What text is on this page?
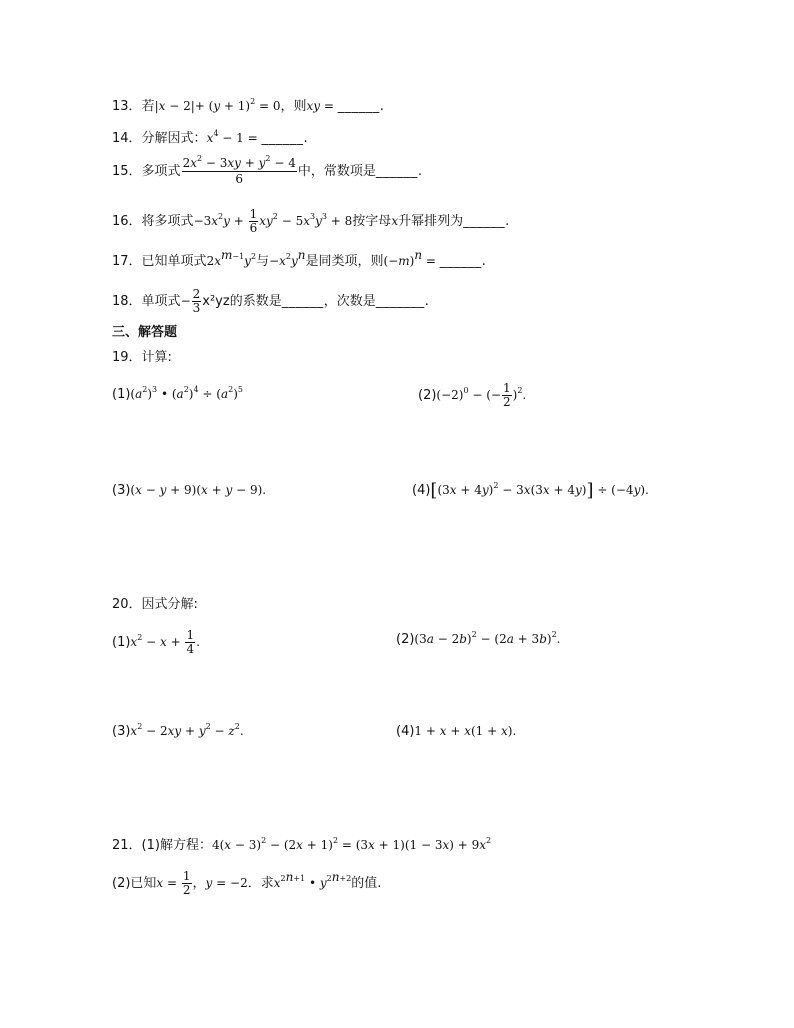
13．若$|x - 2|+ (y + 1)^2 = 0$，则xy = ______.
14．分解因式：$x^4 - 1$ = ______.
15．多项式 $\frac{2x^2 - 3xy + y^2 - 4}{6}$ 中，常数项是______.
16．将多项式$-3x^2y + \frac{1}{6} xy^2 - 5x^3y^3 + 8$按字母x升幂排列为______.
17．已知单项式$2x^{m-1}y^2$与$-x^2y^n$是同类项，则$(-m)^n$ = ______.
18．单项式− $\frac{2}{3} x^2yz$的系数是______，次数是_______.
三、解答题
19．计算:
$(1)(a^2)^3$ • $(a^2)^4 \div (a^2)^5$	$(2)(-2)^0$ − (− $\frac{1}{2} )^2$.
(3)(x − y + 9)(x + y − 9).	$(4)[(3x + 4y)^2 - 3x(3x + 4y)] \div (-4y)$.
20．因式分解:
$(1)x^2 - x + \frac{1}{4}$ .	$(2)(3a - 2b)^2 - (2a + 3b)^2$.
$(3)x^2 - 2xy + y^2 - z^2$.	(4)1 + x + x(1 + x).
21．(1)解方程：$4(x - 3)^2 - (2x + 1)^2 = (3x + 1)(1 - 3x) + 9x^2$
(2)已知$x = \frac{1}{2}$ ，y = −2．求$x^{2n+1}$ • $y^{2n+2}$的值.
